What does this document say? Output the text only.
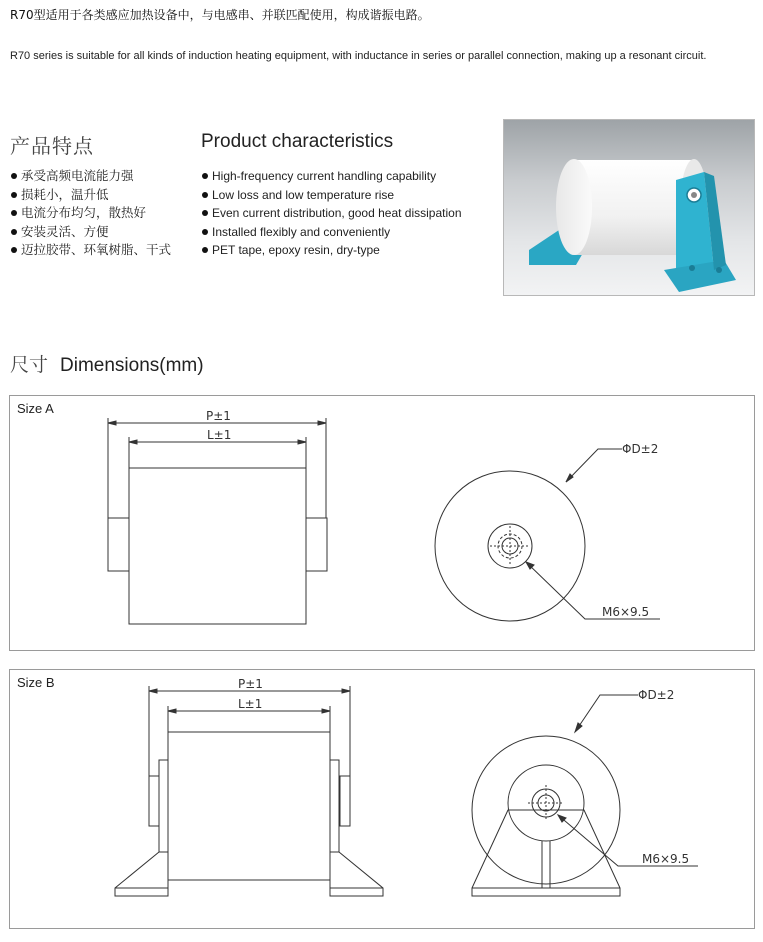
R70型适用于各类感应加热设备中，与电感串、并联匹配使用，构成谐振电路。
R70 series is suitable for all kinds of induction heating equipment, with inductance in series or parallel connection, making up a resonant circuit.
产品特点	Product characteristics
承受高频电流能力强
损耗小，温升低
电流分布均匀，散热好
安装灵活、方便
迈拉胶带、环氧树脂、干式
High-frequency current handling capability
Low loss and low temperature rise
Even current distribution, good heat dissipation
Installed flexibly and conveniently
PET tape, epoxy resin, dry-type
尺寸 Dimensions(mm)
Size A	P±1
L±1
ΦD±2
M6×9.5
Size B	P±1
L±1
ΦD±2
M6×9.5
